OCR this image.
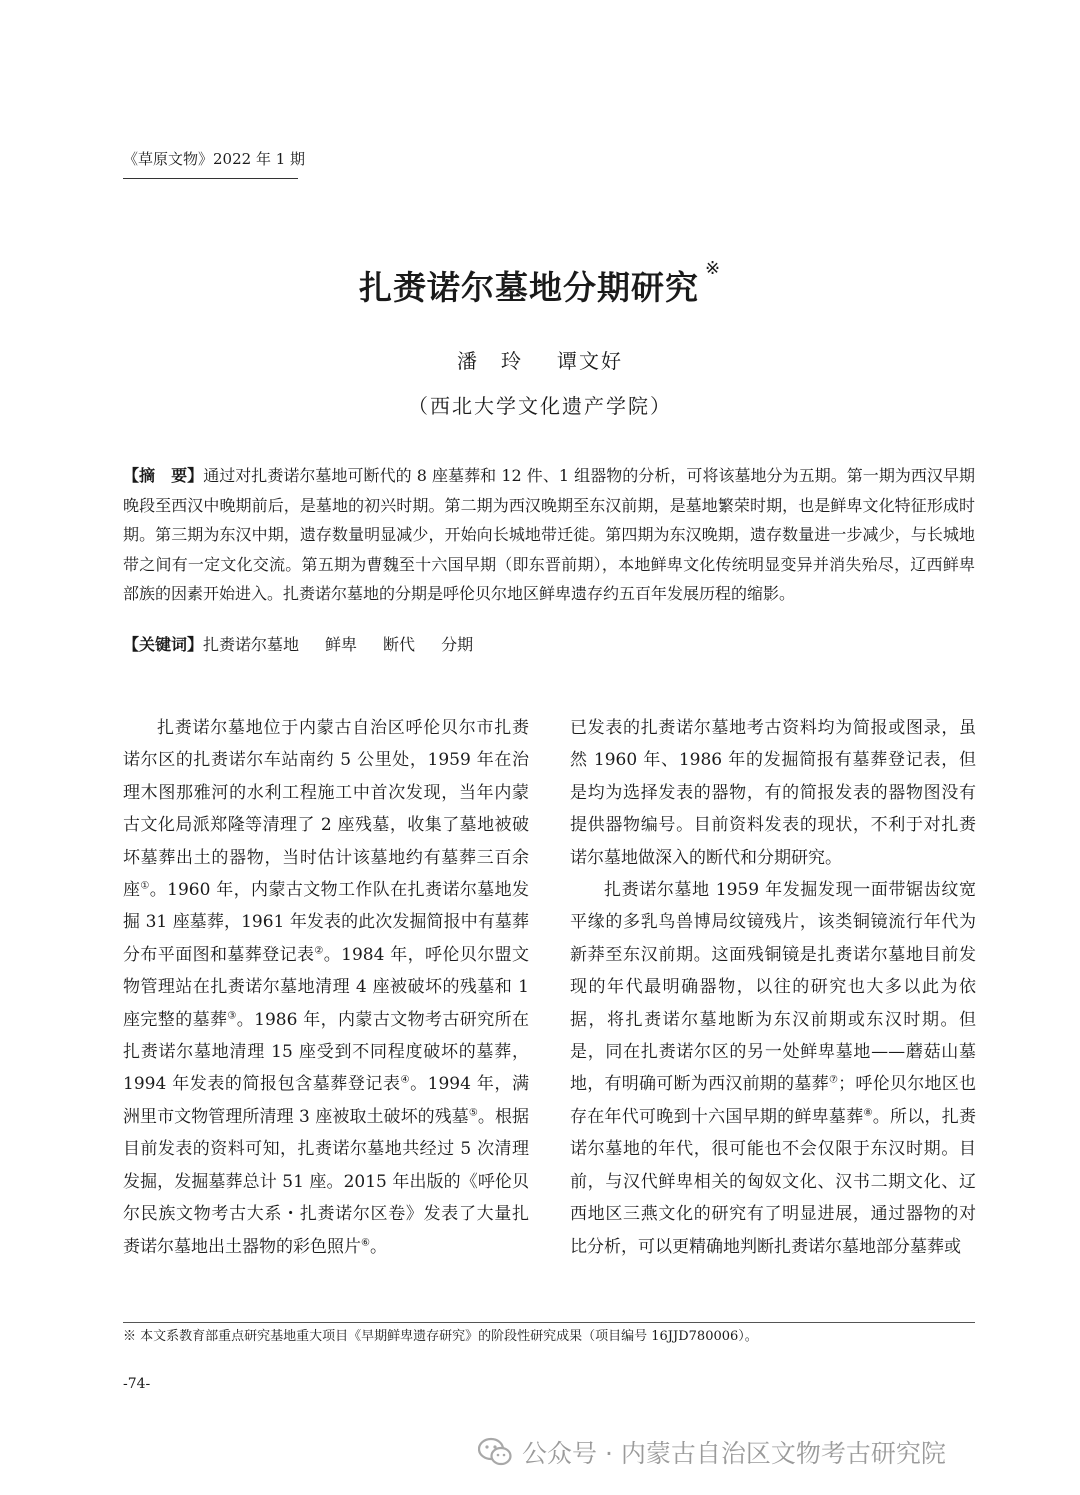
《草原文物》2022 年 1 期
扎赉诺尔墓地分期研究 ※
潘　玲 谭文好
（西北大学文化遗产学院）
【摘　要】通过对扎赉诺尔墓地可断代的 8 座墓葬和 12 件、1 组器物的分析，可将该墓地分为五期。第一期为西汉早期晚段至西汉中晚期前后，是墓地的初兴时期。第二期为西汉晚期至东汉前期，是墓地繁荣时期，也是鲜卑文化特征形成时期。第三期为东汉中期，遗存数量明显减少，开始向长城地带迁徙。第四期为东汉晚期，遗存数量进一步减少，与长城地带之间有一定文化交流。第五期为曹魏至十六国早期（即东晋前期），本地鲜卑文化传统明显变异并消失殆尽，辽西鲜卑部族的因素开始进入。扎赉诺尔墓地的分期是呼伦贝尔地区鲜卑遗存约五百年发展历程的缩影。
【关键词】扎赉诺尔墓地 鲜卑 断代 分期

扎赉诺尔墓地位于内蒙古自治区呼伦贝尔市扎赉诺尔区的扎赉诺尔车站南约 5 公里处，1959 年在治理木图那雅河的水利工程施工中首次发现，当年内蒙古文化局派郑隆等清理了 2 座残墓，收集了墓地被破坏墓葬出土的器物，当时估计该墓地约有墓葬三百余座①。1960 年，内蒙古文物工作队在扎赉诺尔墓地发掘 31 座墓葬，1961 年发表的此次发掘简报中有墓葬分布平面图和墓葬登记表②。1984 年，呼伦贝尔盟文物管理站在扎赉诺尔墓地清理 4 座被破坏的残墓和 1 座完整的墓葬③。1986 年，内蒙古文物考古研究所在扎赉诺尔墓地清理 15 座受到不同程度破坏的墓葬，1994 年发表的简报包含墓葬登记表④。1994 年，满洲里市文物管理所清理 3 座被取土破坏的残墓⑤。根据目前发表的资料可知，扎赉诺尔墓地共经过 5 次清理发掘，发掘墓葬总计 51 座。2015 年出版的《呼伦贝尔民族文物考古大系・扎赉诺尔区卷》发表了大量扎赉诺尔墓地出土器物的彩色照片⑥。

已发表的扎赉诺尔墓地考古资料均为简报或图录，虽然 1960 年、1986 年的发掘简报有墓葬登记表，但是均为选择发表的器物，有的简报发表的器物图没有提供器物编号。目前资料发表的现状，不利于对扎赉诺尔墓地做深入的断代和分期研究。

扎赉诺尔墓地 1959 年发掘发现一面带锯齿纹宽平缘的多乳鸟兽博局纹镜残片，该类铜镜流行年代为新莽至东汉前期。这面残铜镜是扎赉诺尔墓地目前发现的年代最明确器物，以往的研究也大多以此为依据，将扎赉诺尔墓地断为东汉前期或东汉时期。但是，同在扎赉诺尔区的另一处鲜卑墓地——蘑菇山墓地，有明确可断为西汉前期的墓葬⑦；呼伦贝尔地区也存在年代可晚到十六国早期的鲜卑墓葬⑧。所以，扎赉诺尔墓地的年代，很可能也不会仅限于东汉时期。目前，与汉代鲜卑相关的匈奴文化、汉书二期文化、辽西地区三燕文化的研究有了明显进展，通过器物的对比分析，可以更精确地判断扎赉诺尔墓地部分墓葬或

※ 本文系教育部重点研究基地重大项目《早期鲜卑遗存研究》的阶段性研究成果（项目编号 16JJD780006）。
-74-
公众号 · 内蒙古自治区文物考古研究院
